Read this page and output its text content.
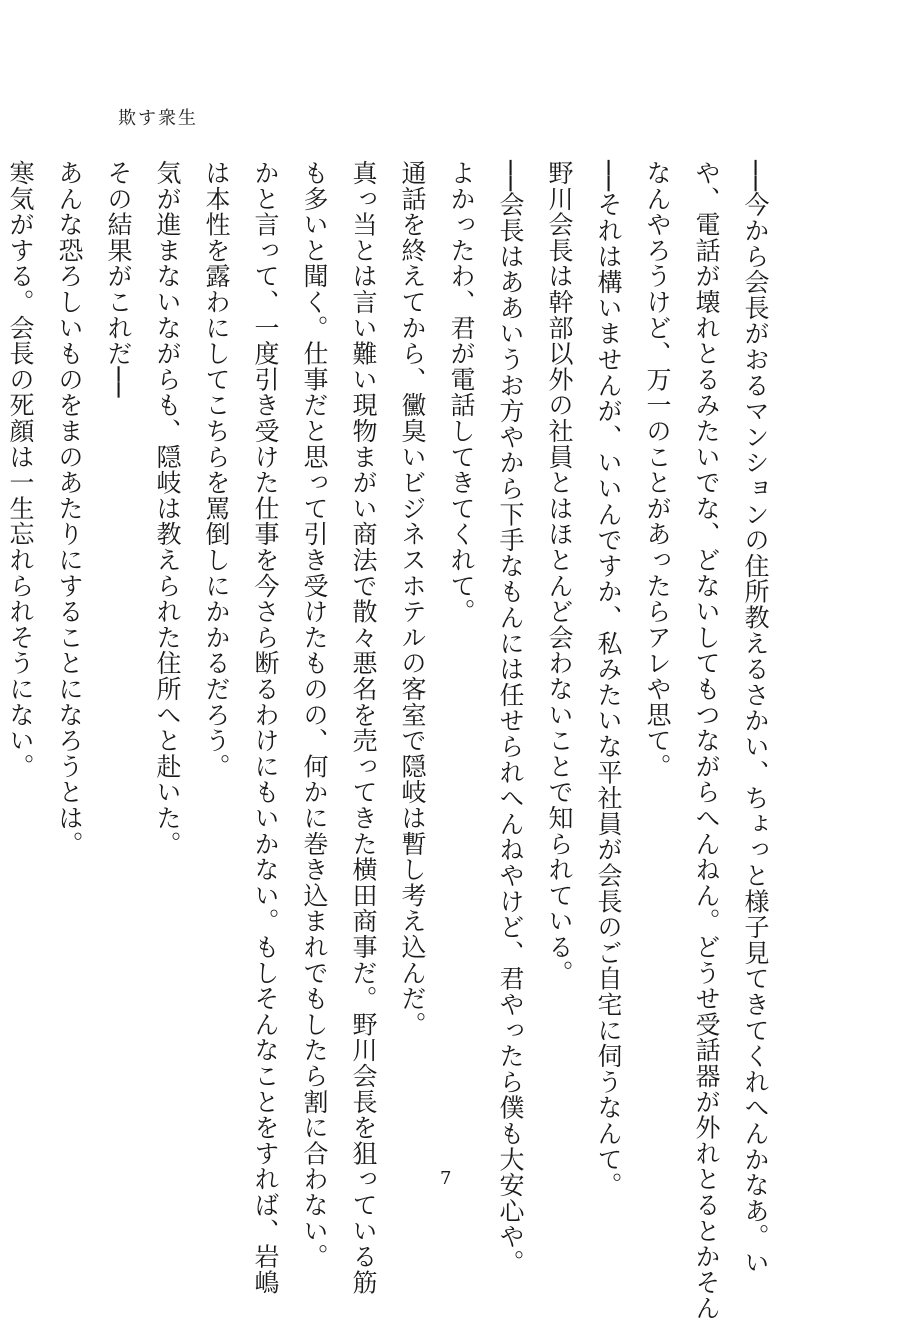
欺す衆生
──今から会長がおるマンションの住所教えるさかい、ちょっと様子見てきてくれへんかなあ。い
や、電話が壊れとるみたいでな、どないしてもつながらへんねん。どうせ受話器が外れとるとかそん
なんやろうけど、万一のことがあったらアレや思て。
──それは構いませんが、いいんですか、私みたいな平社員が会長のご自宅に伺うなんて。
野川会長は幹部以外の社員とはほとんど会わないことで知られている。
──会長はああいうお方やから下手なもんには任せられへんねやけど、君やったら僕も大安心や。
よかったわ、君が電話してきてくれて。
通話を終えてから、黴臭いビジネスホテルの客室で隠岐は暫し考え込んだ。
真っ当とは言い難い現物まがい商法で散々悪名を売ってきた横田商事だ。野川会長を狙っている筋
も多いと聞く。仕事だと思って引き受けたものの、何かに巻き込まれでもしたら割に合わない。
かと言って、一度引き受けた仕事を今さら断るわけにもいかない。もしそんなことをすれば、岩嶋
は本性を露わにしてこちらを罵倒しにかかるだろう。
気が進まないながらも、隠岐は教えられた住所へと赴いた。
その結果がこれだ──
あんな恐ろしいものをまのあたりにすることになろうとは。
寒気がする。会長の死顔は一生忘れられそうにない。
7
